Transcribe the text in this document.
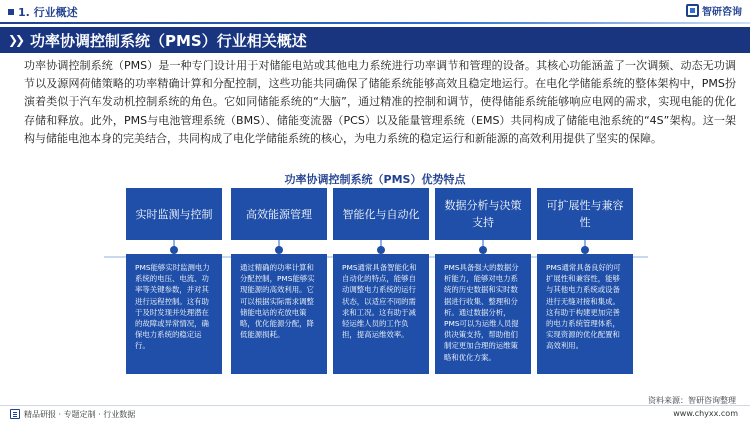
1. 行业概述	智研咨询
❯❯ 功率协调控制系统（PMS）行业相关概述
功率协调控制系统（PMS）是一种专门设计用于对储能电站或其他电力系统进行功率调节和管理的设备。其核心功能涵盖了一次调频、动态无功调节以及源网荷储策略的功率精确计算和分配控制，这些功能共同确保了储能系统能够高效且稳定地运行。在电化学储能系统的整体架构中，PMS扮演着类似于汽车发动机控制系统的角色。它如同储能系统的“大脑”，通过精准的控制和调节，使得储能系统能够响应电网的需求，实现电能的优化存储和释放。此外，PMS与电池管理系统（BMS）、储能变流器（PCS）以及能量管理系统（EMS）共同构成了储能电池系统的“4S”架构。这一架构与储能电池本身的完美结合，共同构成了电化学储能系统的核心，为电力系统的稳定运行和新能源的高效利用提供了坚实的保障。
功率协调控制系统（PMS）优势特点
实时监测与控制
PMS能够实时监测电力系统的电压、电流、功率等关键参数，并对其进行远程控制。这有助于及时发现并处理潜在的故障或异常情况，确保电力系统的稳定运行。
高效能源管理
通过精确的功率计算和分配控制，PMS能够实现能源的高效利用。它可以根据实际需求调整储能电站的充放电策略，优化能源分配，降低能源损耗。
智能化与自动化
PMS通常具备智能化和自动化的特点，能够自动调整电力系统的运行状态，以适应不同的需求和工况。这有助于减轻运维人员的工作负担，提高运维效率。
数据分析与决策支持
PMS具备强大的数据分析能力，能够对电力系统的历史数据和实时数据进行收集、整理和分析。通过数据分析，PMS可以为运维人员提供决策支持，帮助他们制定更加合理的运维策略和优化方案。
可扩展性与兼容性
PMS通常具备良好的可扩展性和兼容性，能够与其他电力系统或设备进行无缝对接和集成。这有助于构建更加完善的电力系统管理体系，实现资源的优化配置和高效利用。
资料来源：智研咨询整理
精品研报 · 专题定制 · 行业数据	www.chyxx.com
